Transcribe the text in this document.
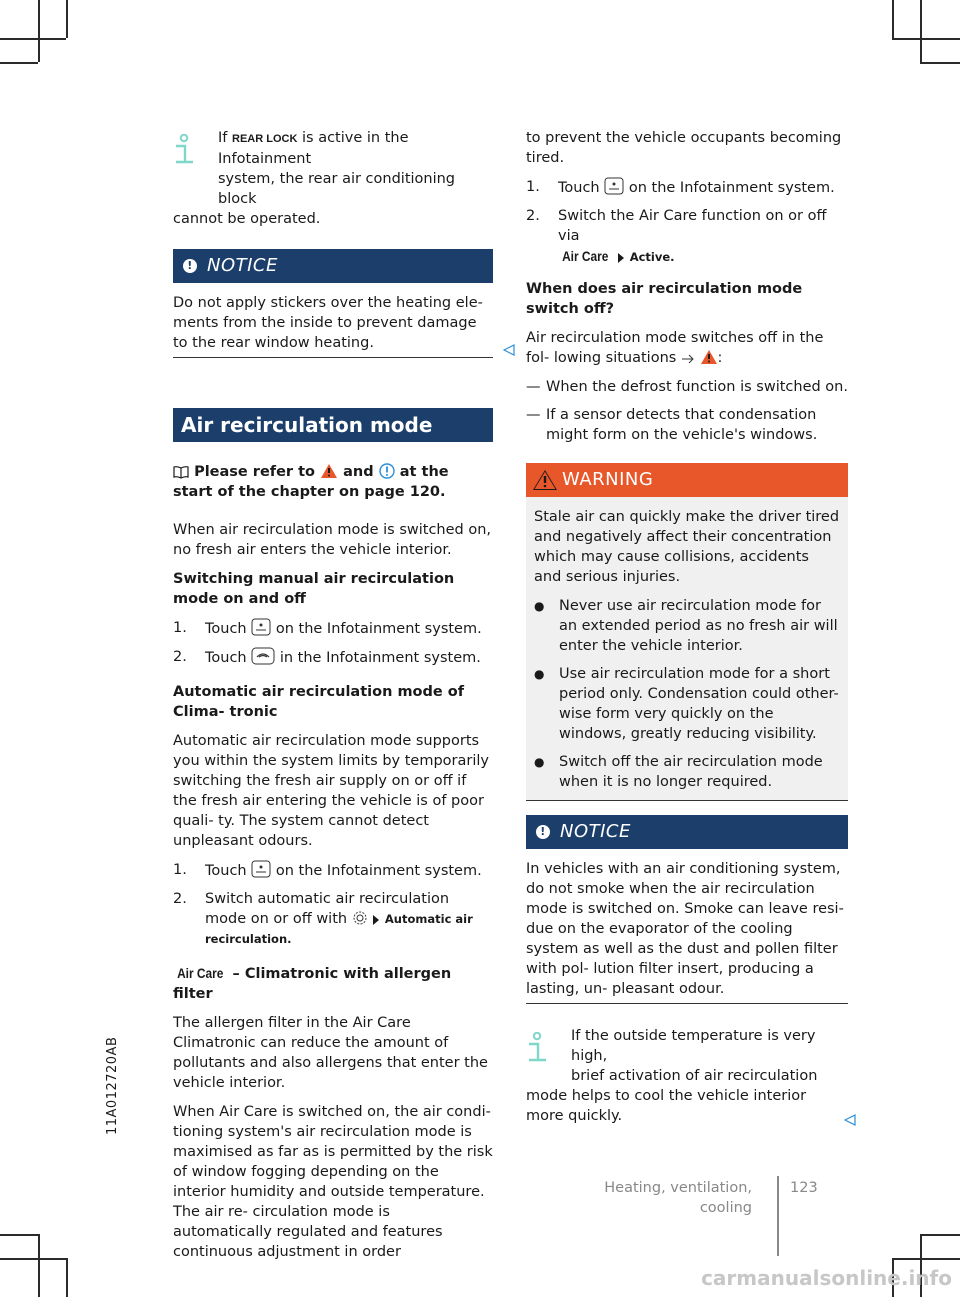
If REAR LOCK is active in the Infotainment
system, the rear air conditioning block
cannot be operated.
! NOTICE

Do not apply stickers over the heating ele- ments from the inside to prevent damage to the rear window heating.

Air recirculation mode

Please refer to and at the start of the chapter on page 120.

When air recirculation mode is switched on, no fresh air enters the vehicle interior.

Switching manual air recirculation mode on and off

1.	Touch on the Infotainment system.
2.	Touch in the Infotainment system.

Automatic air recirculation mode of Clima- tronic

Automatic air recirculation mode supports you within the system limits by temporarily switching the fresh air supply on or off if the fresh air entering the vehicle is of poor quali- ty. The system cannot detect unpleasant odours.

1.	Touch on the Infotainment system.
2.	Switch automatic air recirculation mode on or off with	Automatic air recirculation.

Air Care – Climatronic with allergen filter

The allergen filter in the Air Care Climatronic can reduce the amount of pollutants and also allergens that enter the vehicle interior.

When Air Care is switched on, the air condi- tioning system's air recirculation mode is maximised as far as is permitted by the risk of window fogging depending on the interior humidity and outside temperature. The air re- circulation mode is automatically regulated and features continuous adjustment in order

to prevent the vehicle occupants becoming tired.

1.	Touch on the Infotainment system.
2.	Switch the Air Care function on or off via
Air Care Active.

When does air recirculation mode switch off?

Air recirculation mode switches off in the fol- lowing situations	:

— When the defrost function is switched on.
— If a sensor detects that condensation might form on the vehicle's windows.
WARNING

Stale air can quickly make the driver tired and negatively affect their concentration which may cause collisions, accidents and serious injuries.

●	Never use air recirculation mode for an extended period as no fresh air will enter the vehicle interior.
●	Use air recirculation mode for a short period only. Condensation could other- wise form very quickly on the windows, greatly reducing visibility.
●	Switch off the air recirculation mode when it is no longer required.
! NOTICE

In vehicles with an air conditioning system, do not smoke when the air recirculation mode is switched on. Smoke can leave resi- due on the evaporator of the cooling system as well as the dust and pollen filter with pol- lution filter insert, producing a lasting, un- pleasant odour.

If the outside temperature is very high,
brief activation of air recirculation
mode helps to cool the vehicle interior more quickly.
11A012720AB
Heating, ventilation, cooling
123
carmanualsonline.info
